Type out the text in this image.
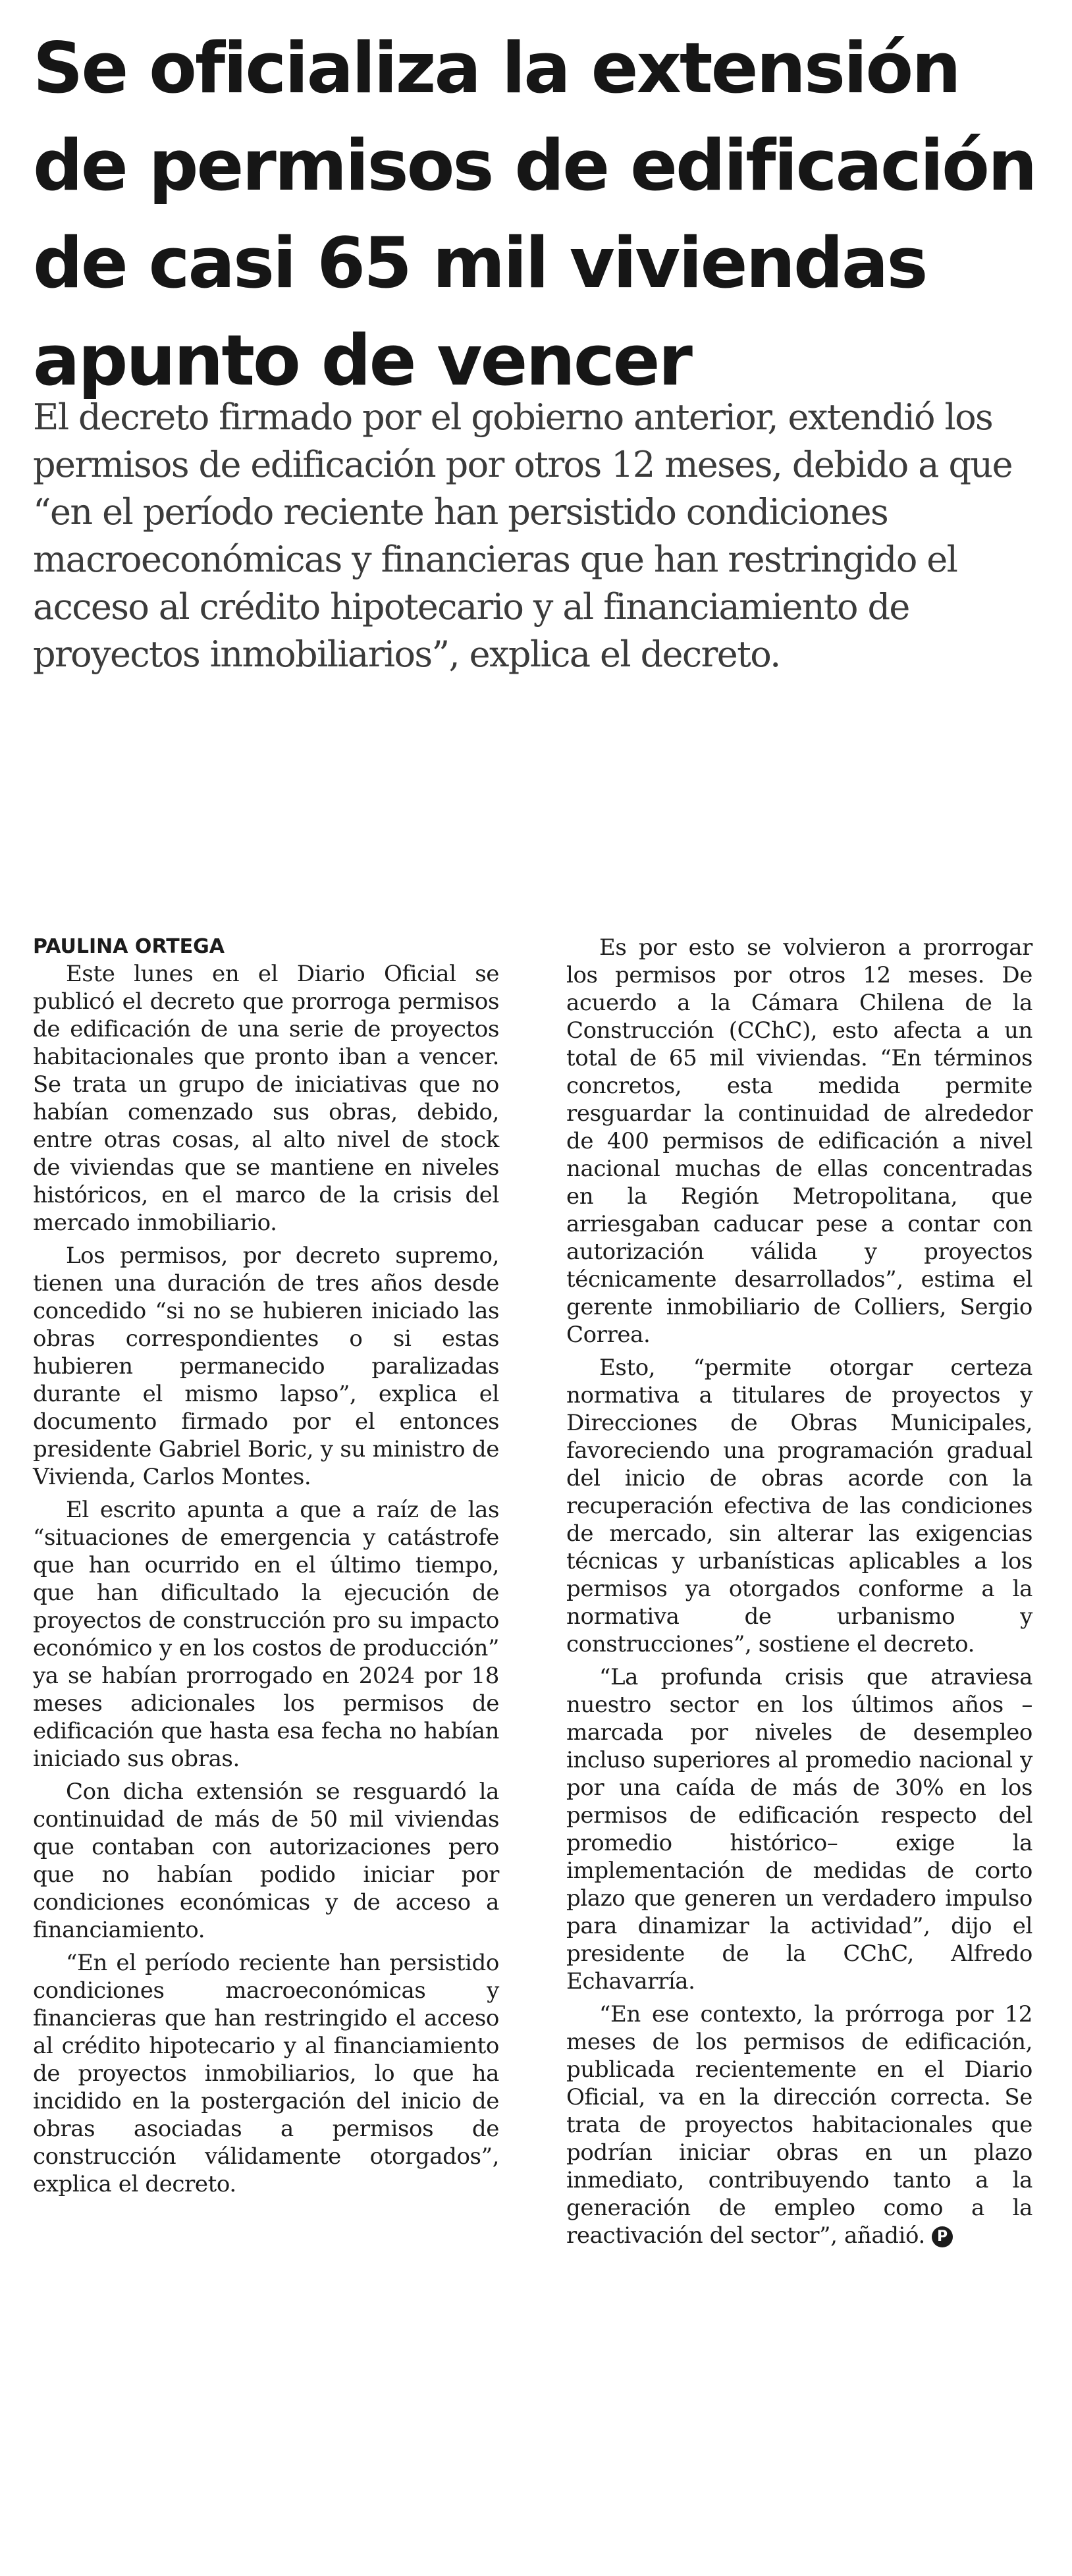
Se oficializa la extensión de permisos de edificación de casi 65 mil viviendas apunto de vencer

El decreto firmado por el gobierno anterior, extendió los permisos de edificación por otros 12 meses, debido a que “en el período reciente han persistido condiciones macroeconómicas y financieras que han restringido el acceso al crédito hipotecario y al financiamiento de proyectos inmobiliarios”, explica el decreto.

PAULINA ORTEGA

Este lunes en el Diario Oficial se publicó el decreto que prorroga permisos de edificación de una serie de proyectos habitacionales que pronto iban a vencer. Se trata un grupo de iniciativas que no habían comenzado sus obras, debido, entre otras cosas, al alto nivel de stock de viviendas que se mantiene en niveles históricos, en el marco de la crisis del mercado inmobiliario.

Los permisos, por decreto supremo, tienen una duración de tres años desde concedido “si no se hubieren iniciado las obras correspondientes o si estas hubieren permanecido paralizadas durante el mismo lapso”, explica el documento firmado por el entonces presidente Gabriel Boric, y su ministro de Vivienda, Carlos Montes.

El escrito apunta a que a raíz de las “situaciones de emergencia y catástrofe que han ocurrido en el último tiempo, que han dificultado la ejecución de proyectos de construcción pro su impacto económico y en los costos de producción” ya se habían prorrogado en 2024 por 18 meses adicionales los permisos de edificación que hasta esa fecha no habían iniciado sus obras.

Con dicha extensión se resguardó la continuidad de más de 50 mil viviendas que contaban con autorizaciones pero que no habían podido iniciar por condiciones económicas y de acceso a financiamiento.

“En el período reciente han persistido condiciones macroeconómicas y financieras que han restringido el acceso al crédito hipotecario y al financiamiento de proyectos inmobiliarios, lo que ha incidido en la postergación del inicio de obras asociadas a permisos de construcción válidamente otorgados”, explica el decreto.

Es por esto se volvieron a prorrogar los permisos por otros 12 meses. De acuerdo a la Cámara Chilena de la Construcción (CChC), esto afecta a un total de 65 mil viviendas. “En términos concretos, esta medida permite resguardar la continuidad de alrededor de 400 permisos de edificación a nivel nacional muchas de ellas concentradas en la Región Metropolitana, que arriesgaban caducar pese a contar con autorización válida y proyectos técnicamente desarrollados”, estima el gerente inmobiliario de Colliers, Sergio Correa.

Esto, “permite otorgar certeza normativa a titulares de proyectos y Direcciones de Obras Municipales, favoreciendo una programación gradual del inicio de obras acorde con la recuperación efectiva de las condiciones de mercado, sin alterar las exigencias técnicas y urbanísticas aplicables a los permisos ya otorgados conforme a la normativa de urbanismo y construcciones”, sostiene el decreto.

“La profunda crisis que atraviesa nuestro sector en los últimos años –marcada por niveles de desempleo incluso superiores al promedio nacional y por una caída de más de 30% en los permisos de edificación respecto del promedio histórico– exige la implementación de medidas de corto plazo que generen un verdadero impulso para dinamizar la actividad”, dijo el presidente de la CChC, Alfredo Echavarría.

“En ese contexto, la prórroga por 12 meses de los permisos de edificación, publicada recientemente en el Diario Oficial, va en la dirección correcta. Se trata de proyectos habitacionales que podrían iniciar obras en un plazo inmediato, contribuyendo tanto a la generación de empleo como a la reactivación del sector”, añadió. P
